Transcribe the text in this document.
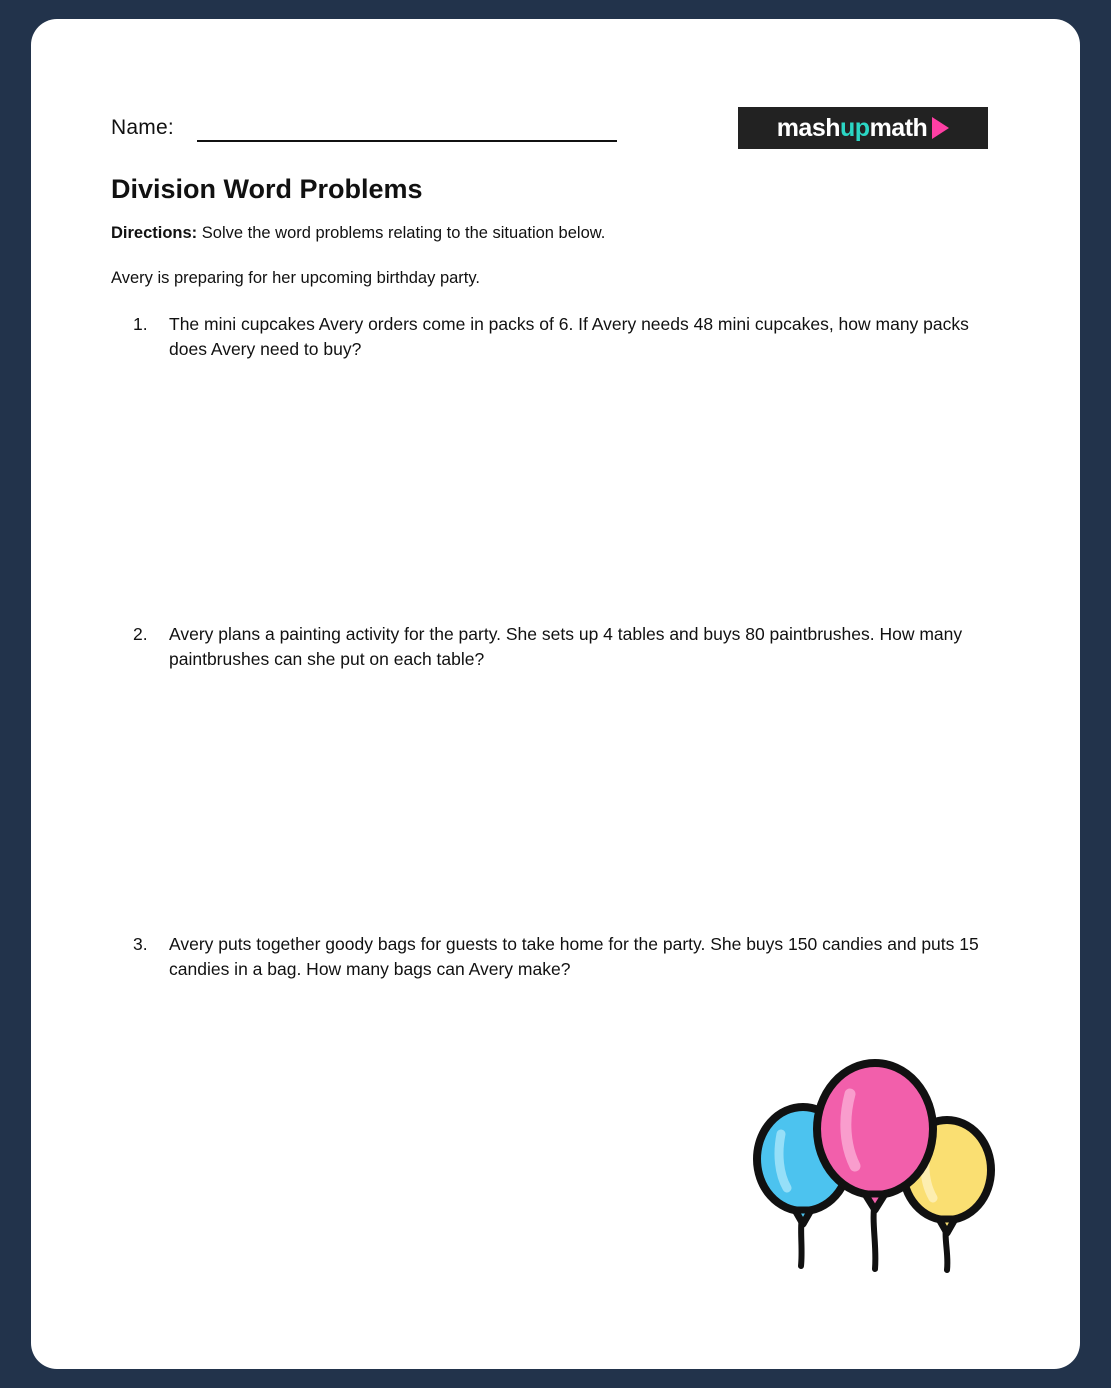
Name:	mash up math
Division Word Problems
Directions: Solve the word problems relating to the situation below.
Avery is preparing for her upcoming birthday party.
1.	The mini cupcakes Avery orders come in packs of 6. If Avery needs 48 mini cupcakes, how many packs does Avery need to buy?
2.	Avery plans a painting activity for the party. She sets up 4 tables and buys 80 paintbrushes. How many paintbrushes can she put on each table?
3.	Avery puts together goody bags for guests to take home for the party. She buys 150 candies and puts 15 candies in a bag. How many bags can Avery make?
